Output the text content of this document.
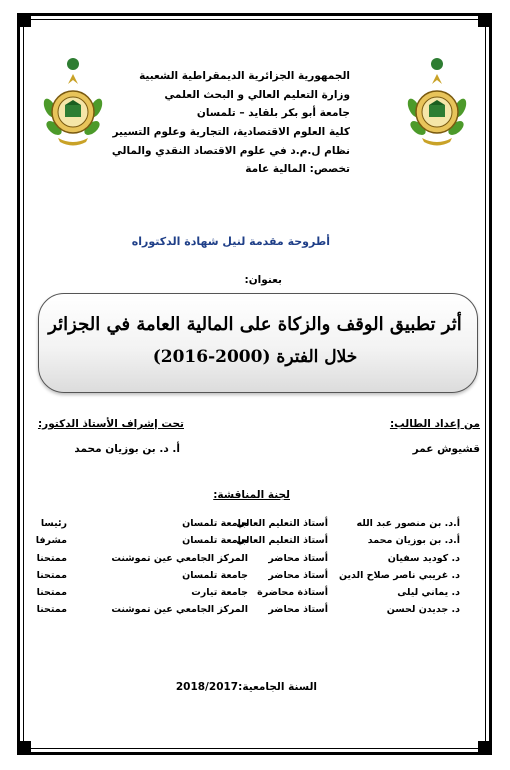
الجمهورية الجزائرية الديمقراطية الشعبية
وزارة التعليم العالي و البحث العلمي
جامعة أبو بكر بلقايد – تلمسان
كلية العلوم الاقتصادية، التجارية وعلوم التسيير
نظام ل.م.د في علوم الاقتصاد النقدي والمالي
تخصص: المالية عامة
أطروحة مقدمة لنيل شهادة الدكتوراه
بعنوان:
أثر تطبيق الوقف والزكاة على المالية العامة في الجزائر
خلال الفترة (2000-2016)
من إعداد الطالب:
قشيوش عمر
تحت إشراف الأستاذ الدكتور:
أ. د. بن بوزيان محمد
لجنة المناقشة:
أ.د. بن منصور عبد الله
أستاذ التعليم العالي
جامعة تلمسان
رئيسا
أ.د. بن بوزيان محمد
أستاذ التعليم العالي
جامعة تلمسان
مشرفا
د. كوديد سفيان
أستاذ محاضر
المركز الجامعي عين تموشنت
ممتحنا
د. غريبي ناصر صلاح الدين
أستاذ محاضر
جامعة تلمسان
ممتحنا
د. يماني ليلى
أستاذة محاضرة
جامعة تيارت
ممتحنا
د. جديدن لحسن
أستاذ محاضر
المركز الجامعي عين تموشنت
ممتحنا
السنة الجامعية:2018/2017
